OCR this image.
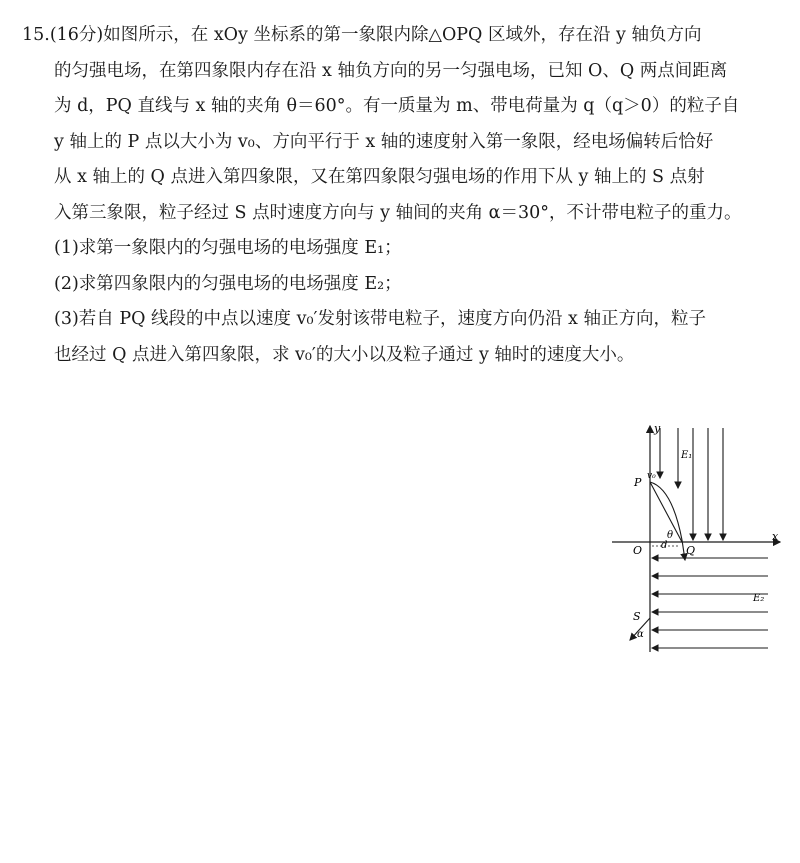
15.(16分)如图所示，在 xOy 坐标系的第一象限内除△OPQ 区域外，存在沿 y 轴负方向

的匀强电场，在第四象限内存在沿 x 轴负方向的另一匀强电场，已知 O、Q 两点间距离

为 d，PQ 直线与 x 轴的夹角 θ＝60°。有一质量为 m、带电荷量为 q（q＞0）的粒子自

y 轴上的 P 点以大小为 v₀、方向平行于 x 轴的速度射入第一象限，经电场偏转后恰好

从 x 轴上的 Q 点进入第四象限，又在第四象限匀强电场的作用下从 y 轴上的 S 点射

入第三象限，粒子经过 S 点时速度方向与 y 轴间的夹角 α＝30°，不计带电粒子的重力。

(1)求第一象限内的匀强电场的电场强度 E₁；

(2)求第四象限内的匀强电场的电场强度 E₂；

(3)若自 PQ 线段的中点以速度 v₀′发射该带电粒子，速度方向仍沿 x 轴正方向，粒子

也经过 Q 点进入第四象限，求 v₀′的大小以及粒子通过 y 轴时的速度大小。

y
x
O
P
Q
S
v₀
E₁
E₂
θ
α
d
